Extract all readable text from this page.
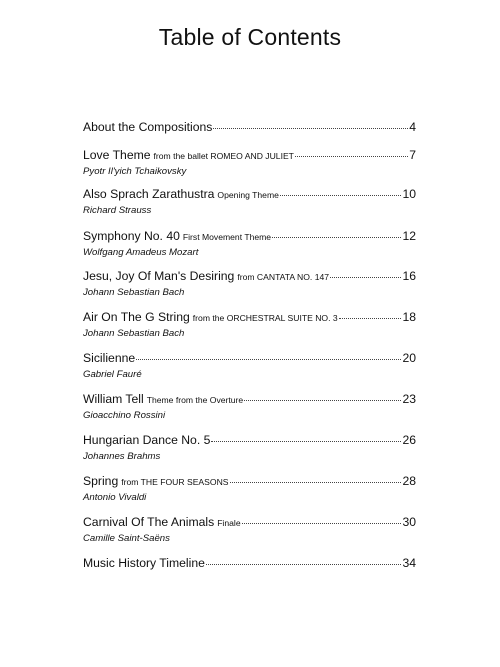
Table of Contents
About the Compositions	4
Love Theme from the ballet ROMEO AND JULIET	7
Pyotr Il'yich Tchaikovsky
Also Sprach Zarathustra Opening Theme	10
Richard Strauss
Symphony No. 40 First Movement Theme	12
Wolfgang Amadeus Mozart
Jesu, Joy Of Man's Desiring from CANTATA NO. 147	16
Johann Sebastian Bach
Air On The G String from the ORCHESTRAL SUITE NO. 3	18
Johann Sebastian Bach
Sicilienne	20
Gabriel Fauré
William Tell Theme from the Overture	23
Gioacchino Rossini
Hungarian Dance No. 5	26
Johannes Brahms
Spring from THE FOUR SEASONS	28
Antonio Vivaldi
Carnival Of The Animals Finale	30
Camille Saint-Saëns
Music History Timeline	34
